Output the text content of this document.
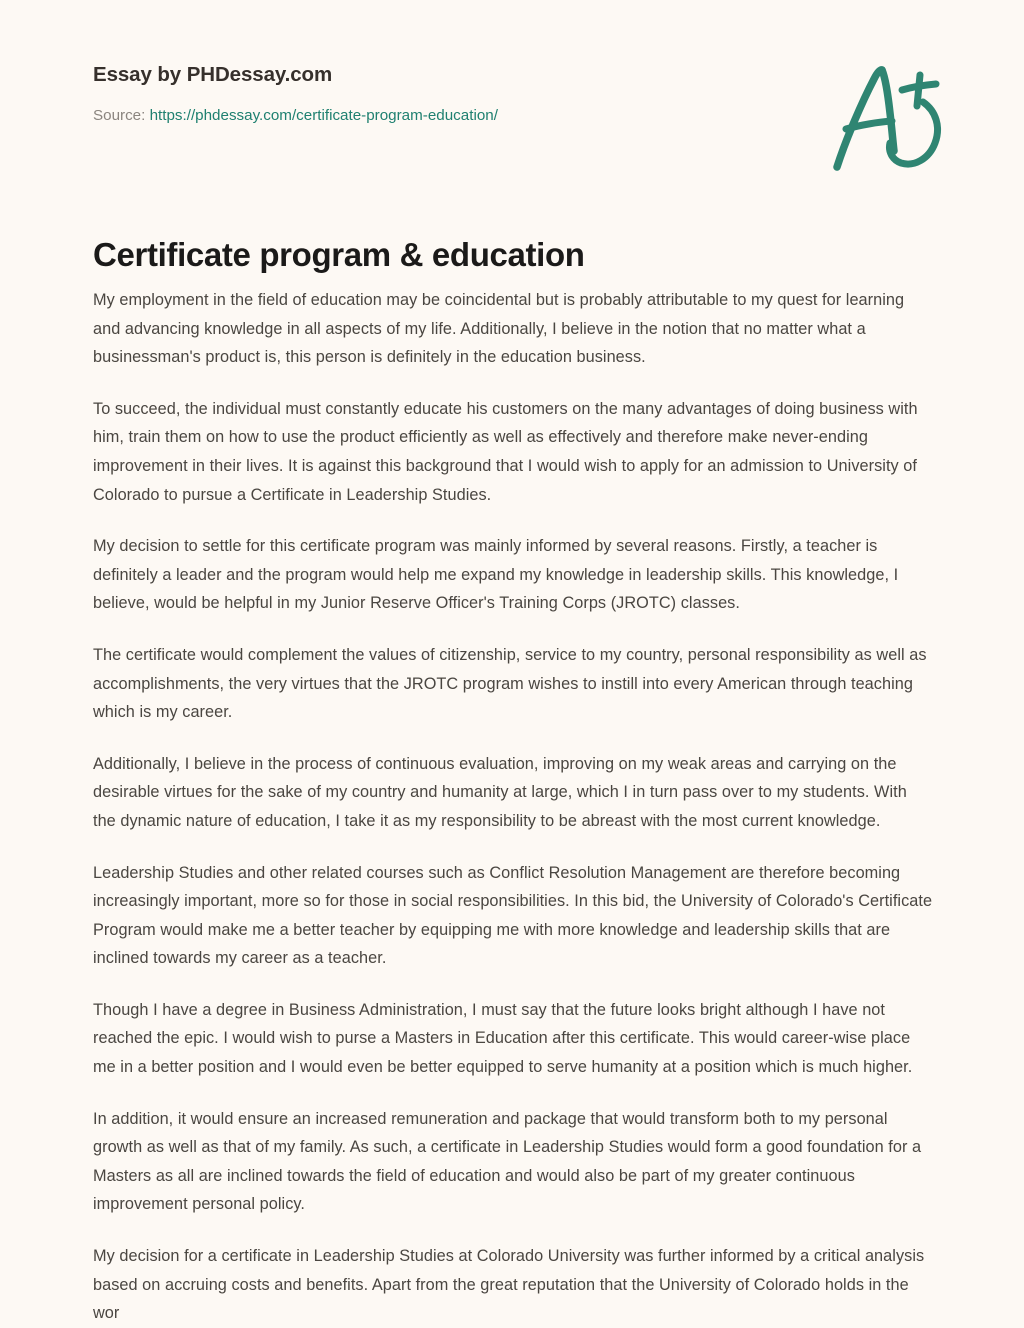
Essay by PHDessay.com
Source: https://phdessay.com/certificate-program-education/
Certificate program & education

My employment in the field of education may be coincidental but is probably attributable to my quest for learning and advancing knowledge in all aspects of my life. Additionally, I believe in the notion that no matter what a businessman's product is, this person is definitely in the education business.

To succeed, the individual must constantly educate his customers on the many advantages of doing business with him, train them on how to use the product efficiently as well as effectively and therefore make never-ending improvement in their lives. It is against this background that I would wish to apply for an admission to University of Colorado to pursue a Certificate in Leadership Studies.

My decision to settle for this certificate program was mainly informed by several reasons. Firstly, a teacher is definitely a leader and the program would help me expand my knowledge in leadership skills. This knowledge, I believe, would be helpful in my Junior Reserve Officer's Training Corps (JROTC) classes.

The certificate would complement the values of citizenship, service to my country, personal responsibility as well as accomplishments, the very virtues that the JROTC program wishes to instill into every American through teaching which is my career.

Additionally, I believe in the process of continuous evaluation, improving on my weak areas and carrying on the desirable virtues for the sake of my country and humanity at large, which I in turn pass over to my students. With the dynamic nature of education, I take it as my responsibility to be abreast with the most current knowledge.

Leadership Studies and other related courses such as Conflict Resolution Management are therefore becoming increasingly important, more so for those in social responsibilities. In this bid, the University of Colorado's Certificate Program would make me a better teacher by equipping me with more knowledge and leadership skills that are inclined towards my career as a teacher.

Though I have a degree in Business Administration, I must say that the future looks bright although I have not reached the epic. I would wish to purse a Masters in Education after this certificate. This would career-wise place me in a better position and I would even be better equipped to serve humanity at a position which is much higher.

In addition, it would ensure an increased remuneration and package that would transform both to my personal growth as well as that of my family. As such, a certificate in Leadership Studies would form a good foundation for a Masters as all are inclined towards the field of education and would also be part of my greater continuous improvement personal policy.

My decision for a certificate in Leadership Studies at Colorado University was further informed by a critical analysis based on accruing costs and benefits. Apart from the great reputation that the University of Colorado holds in the wor
